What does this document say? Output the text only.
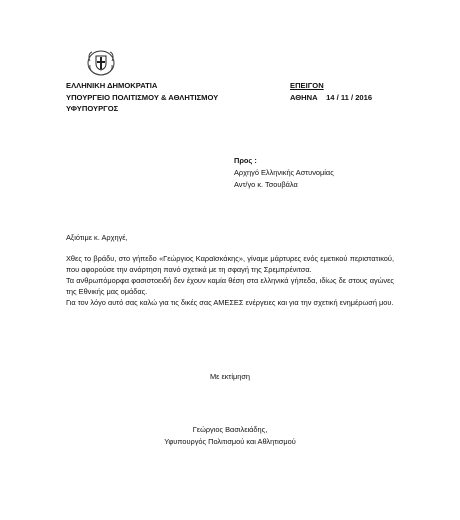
ΕΛΛΗΝΙΚΗ ΔΗΜΟΚΡΑΤΙΑ
ΥΠΟΥΡΓΕΙΟ ΠΟΛΙΤΙΣΜΟΥ & ΑΘΛΗΤΙΣΜΟΥ
ΥΦΥΠΟΥΡΓΟΣ
ΕΠΕΙΓΟΝ
ΑΘΗΝΑ    14 / 11 / 2016
Προς :
Αρχηγό Ελληνικής Αστυνομίας
Αντ/γο κ. Τσουβάλα
Αξιότιμε κ. Αρχηγέ,

Χθες το βράδυ, στο γήπεδο «Γεώργιος Καραϊσκάκης», γίναμε μάρτυρες ενός εμετικού περιστατικού, που αφορούσε την ανάρτηση πανό σχετικά με τη σφαγή της Σρεμπρένιτσα.

Τα ανθρωπόμορφα φασιστοειδή δεν έχουν καμία θέση στα ελληνικά γήπεδα, ιδίως δε στους αγώνες της Εθνικής μας ομάδας.

Για τον λόγο αυτό σας καλώ για τις δικές σας ΑΜΕΣΕΣ ενέργειες και για την σχετική ενημέρωσή μου.

Με εκτίμηση
Γεώργιος Βασιλειάδης,
Υφυπουργός Πολιτισμού και Αθλητισμού
